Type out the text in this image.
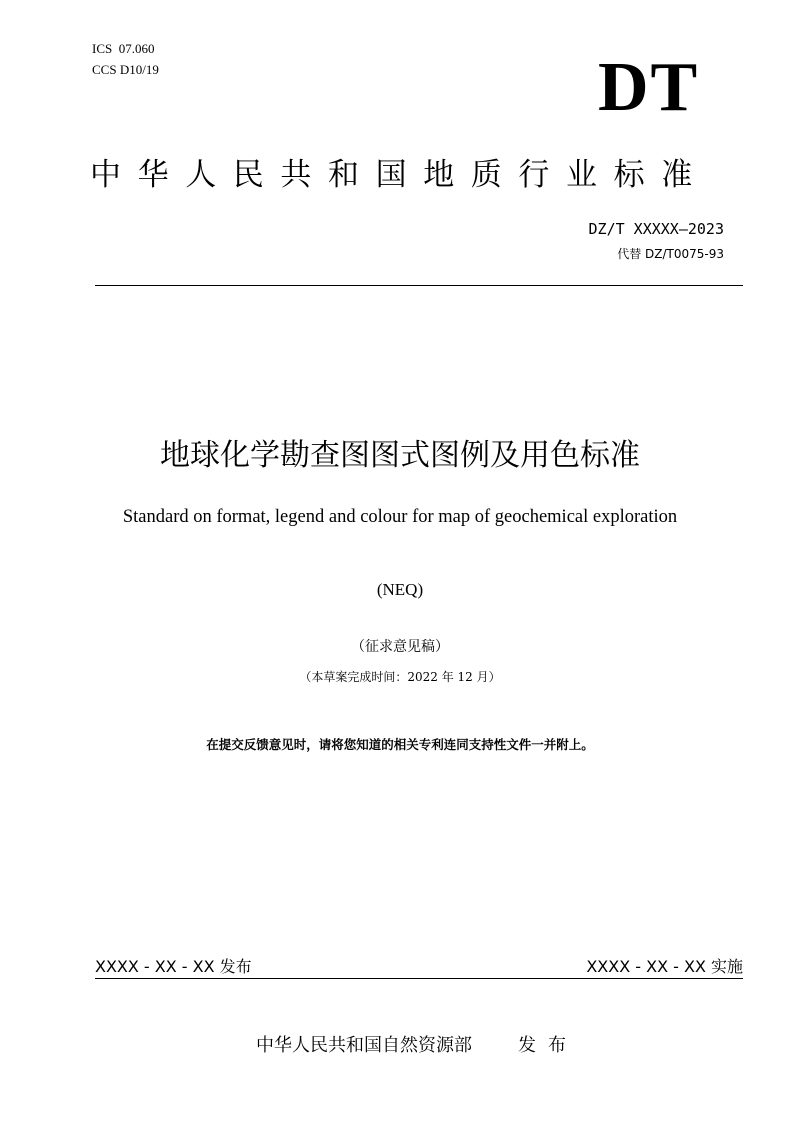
ICS  07.060
CCS D10/19	DT
中华人民共和国地质行业标准
DZ/T XXXXX—2023
代替 DZ/T0075-93
地球化学勘查图图式图例及用色标准
Standard on format, legend and colour for map of geochemical exploration
(NEQ)
（征求意见稿）
（本草案完成时间：2022 年 12 月）
在提交反馈意见时，请将您知道的相关专利连同支持性文件一并附上。
XXXX - XX - XX 发布	XXXX - XX - XX 实施
中华人民共和国自然资源部	发布
